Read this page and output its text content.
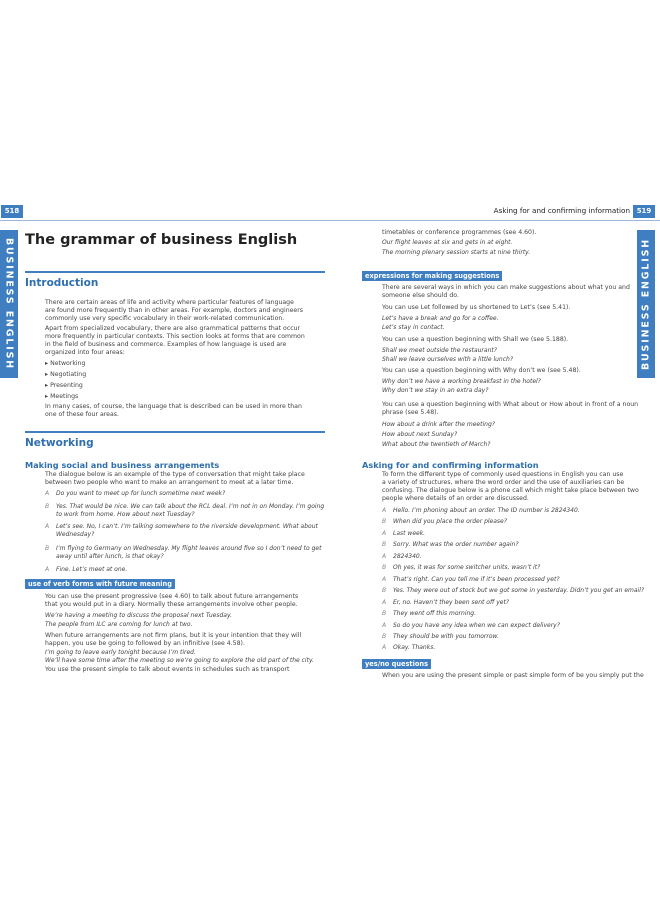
518	Asking for and confirming information 519
BUSINESS ENGLISH	BUSINESS ENGLISH
The grammar of business English
Introduction
There are certain areas of life and activity where particular features of language
are found more frequently than in other areas. For example, doctors and engineers
commonly use very specific vocabulary in their work-related communication.
Apart from specialized vocabulary, there are also grammatical patterns that occur
more frequently in particular contexts. This section looks at forms that are common
in the field of business and commerce. Examples of how language is used are
organized into four areas:
▸ Networking
▸ Negotiating
▸ Presenting
▸ Meetings
In many cases, of course, the language that is described can be used in more than
one of these four areas.
Networking
Making social and business arrangements
The dialogue below is an example of the type of conversation that might take place
between two people who want to make an arrangement to meet at a later time.
A Do you want to meet up for lunch sometime next week?
B Yes. That would be nice. We can talk about the RCL deal. I’m not in on Monday. I’m going
to work from home. How about next Tuesday?
A Let’s see. No, I can’t. I’m talking somewhere to the riverside development. What about
Wednesday?
B I’m flying to Germany on Wednesday. My flight leaves around five so I don’t need to get
away until after lunch, is that okay?
A Fine. Let’s meet at one.
use of verb forms with future meaning
You can use the present progressive (see 4.60) to talk about future arrangements
that you would put in a diary. Normally these arrangements involve other people.
We’re having a meeting to discuss the proposal next Tuesday.
The people from ILC are coming for lunch at two.
When future arrangements are not firm plans, but it is your intention that they will
happen, you use be going to followed by an infinitive (see 4.58).
I’m going to leave early tonight because I’m tired.
We’ll have some time after the meeting so we’re going to explore the old part of the city.
You use the present simple to talk about events in schedules such as transport
timetables or conference programmes (see 4.60).
Our flight leaves at six and gets in at eight.
The morning plenary session starts at nine thirty.
expressions for making suggestions
There are several ways in which you can make suggestions about what you and
someone else should do.
You can use Let followed by us shortened to Let’s (see 5.41).
Let’s have a break and go for a coffee.
Let’s stay in contact.
You can use a question beginning with Shall we (see 5.188).
Shall we meet outside the restaurant?
Shall we leave ourselves with a little lunch?
You can use a question beginning with Why don’t we (see 5.48).
Why don’t we have a working breakfast in the hotel?
Why don’t we stay in an extra day?
You can use a question beginning with What about or How about in front of a noun
phrase (see 5.48).
How about a drink after the meeting?
How about next Sunday?
What about the twentieth of March?
Asking for and confirming information
To form the different type of commonly used questions in English you can use
a variety of structures, where the word order and the use of auxiliaries can be
confusing. The dialogue below is a phone call which might take place between two
people where details of an order are discussed.
A Hello. I’m phoning about an order. The ID number is 2824340.
B When did you place the order please?
A Last week.
B Sorry. What was the order number again?
A 2824340.
B Oh yes, it was for some switcher units, wasn’t it?
A That’s right. Can you tell me if it’s been processed yet?
B Yes. They were out of stock but we got some in yesterday. Didn’t you get an email?
A Er, no. Haven’t they been sent off yet?
B They went off this morning.
A So do you have any idea when we can expect delivery?
B They should be with you tomorrow.
A Okay. Thanks.
yes/no questions
When you are using the present simple or past simple form of be you simply put the
